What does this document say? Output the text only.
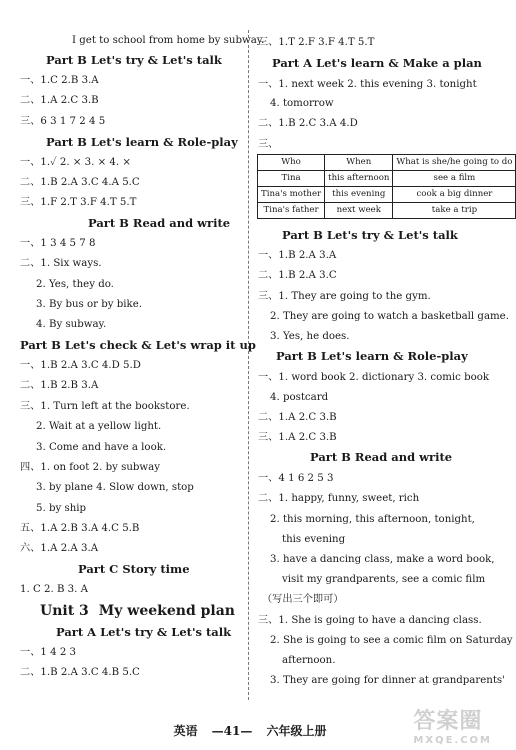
I get to school from home by subway.
Part B Let's try & Let's talk
一、1.C 2.B 3.A
二、1.A 2.C 3.B
三、6 3 1 7 2 4 5
Part B Let's learn & Role-play
一、1.✓ 2. × 3. × 4. ×
二、1.B 2.A 3.C 4.A 5.C
三、1.F 2.T 3.F 4.T 5.T
Part B Read and write
一、1 3 4 5 7 8
二、1. Six ways.
2. Yes, they do.
3. By bus or by bike.
4. By subway.
Part B Let's check & Let's wrap it up
一、1.B 2.A 3.C 4.D 5.D
二、1.B 2.B 3.A
三、1. Turn left at the bookstore.
2. Wait at a yellow light.
3. Come and have a look.
四、1. on foot 2. by subway
3. by plane 4. Slow down, stop
5. by ship
五、1.A 2.B 3.A 4.C 5.B
六、1.A 2.A 3.A
Part C Story time
1. C 2. B 3. A
Unit 3 My weekend plan
Part A Let's try & Let's talk
一、1 4 2 3
二、1.B 2.A 3.C 4.B 5.C
三、1.T 2.F 3.F 4.T 5.T
Part A Let's learn & Make a plan
一、1. next week 2. this evening 3. tonight
4. tomorrow
二、1.B 2.C 3.A 4.D
三、
Who	When	What is she/he going to do
Tina	this afternoon	see a film
Tina's mother	this evening	cook a big dinner
Tina's father	next week	take a trip
Part B Let's try & Let's talk
一、1.B 2.A 3.A
二、1.B 2.A 3.C
三、1. They are going to the gym.
2. They are going to watch a basketball game.
3. Yes, he does.
Part B Let's learn & Role-play
一、1. word book 2. dictionary 3. comic book
4. postcard
二、1.A 2.C 3.B
三、1.A 2.C 3.B
Part B Read and write
一、4 1 6 2 5 3
二、1. happy, funny, sweet, rich
2. this morning, this afternoon, tonight,
this evening
3. have a dancing class, make a word book,
visit my grandparents, see a comic film
（写出三个即可）
三、1. She is going to have a dancing class.
2. She is going to see a comic film on Saturday
afternoon.
3. They are going for dinner at grandparents'
英语 —41— 六年级上册	答案圈
MXQE.COM
